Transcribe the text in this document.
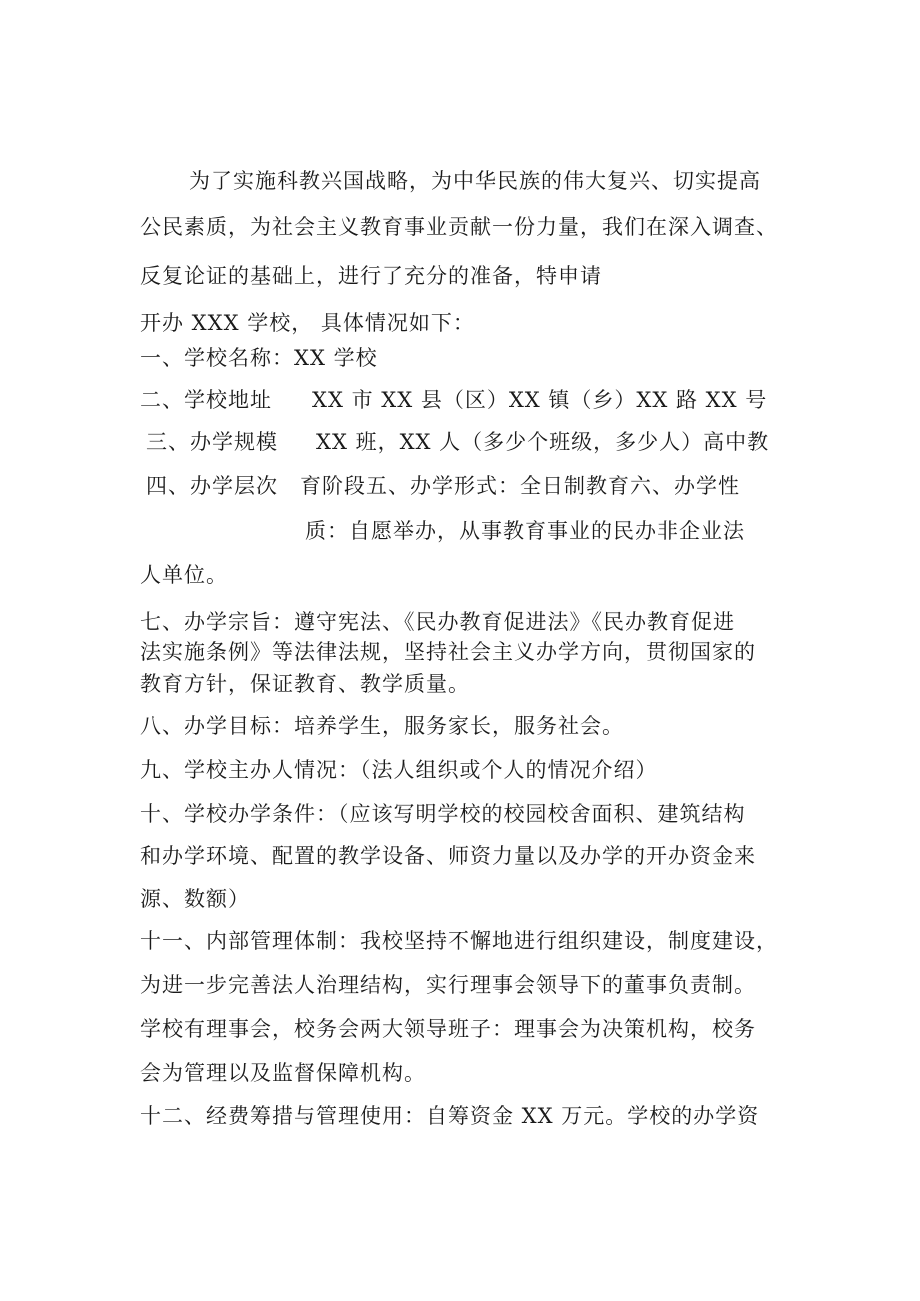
为了实施科教兴国战略，为中华民族的伟大复兴、切实提高
公民素质，为社会主义教育事业贡献一份力量，我们在深入调查、
反复论证的基础上，进行了充分的准备，特申请
开办 XXX 学校， 具体情况如下：
一、学校名称：XX 学校
二、学校地址 XX 市 XX 县（区）XX 镇（乡）XX 路 XX 号
三、办学规模 XX 班，XX 人（多少个班级，多少人）高中教
四、办学层次 育阶段五、办学形式：全日制教育六、办学性
质：自愿举办，从事教育事业的民办非企业法
人单位。
七、办学宗旨：遵守宪法、《民办教育促进法》《民办教育促进
法实施条例》等法律法规，坚持社会主义办学方向，贯彻国家的
教育方针，保证教育、教学质量。
八、办学目标：培养学生，服务家长，服务社会。
九、学校主办人情况：（法人组织或个人的情况介绍）
十、学校办学条件：（应该写明学校的校园校舍面积、建筑结构
和办学环境、配置的教学设备、师资力量以及办学的开办资金来
源、数额）
十一、内部管理体制：我校坚持不懈地进行组织建设，制度建设，
为进一步完善法人治理结构，实行理事会领导下的董事负责制。
学校有理事会，校务会两大领导班子：理事会为决策机构，校务
会为管理以及监督保障机构。
十二、经费筹措与管理使用：自筹资金 XX 万元。学校的办学资
